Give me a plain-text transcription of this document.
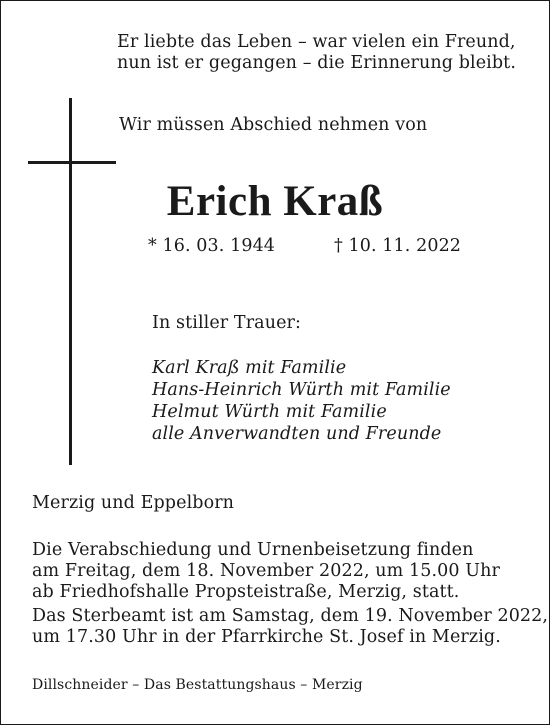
Er liebte das Leben – war vielen ein Freund,
nun ist er gegangen – die Erinnerung bleibt.
Wir müssen Abschied nehmen von
Erich Kraß
* 16. 03. 1944	† 10. 11. 2022
In stiller Trauer:
Karl Kraß mit Familie
Hans-Heinrich Würth mit Familie
Helmut Würth mit Familie
alle Anverwandten und Freunde
Merzig und Eppelborn
Die Verabschiedung und Urnenbeisetzung finden
am Freitag, dem 18. November 2022, um 15.00 Uhr
ab Friedhofshalle Propsteistraße, Merzig, statt.
Das Sterbeamt ist am Samstag, dem 19. November 2022,
um 17.30 Uhr in der Pfarrkirche St. Josef in Merzig.
Dillschneider – Das Bestattungshaus – Merzig
